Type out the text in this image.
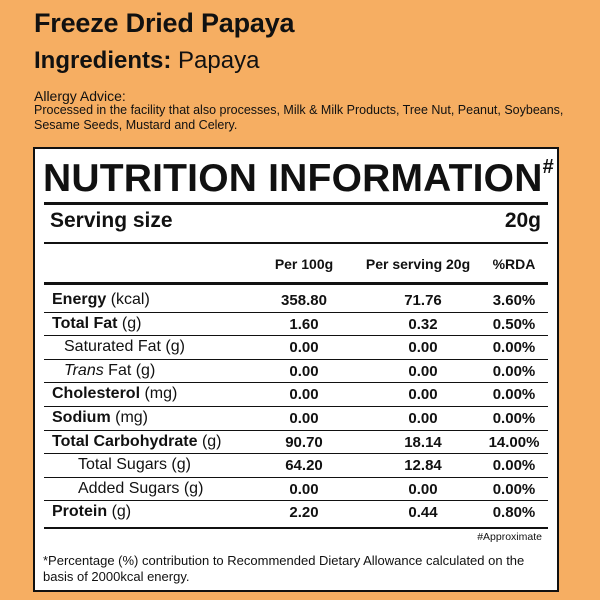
Freeze Dried Papaya
Ingredients: Papaya
Allergy Advice:
Processed in the facility that also processes, Milk & Milk Products, Tree Nut, Peanut, Soybeans, Sesame Seeds, Mustard and Celery.
NUTRITION INFORMATION#
Serving size	20g
Per 100g	Per serving 20g	%RDA
Energy (kcal)	358.80	71.76	3.60%
Total Fat (g)	1.60	0.32	0.50%
Saturated Fat (g)	0.00	0.00	0.00%
Trans Fat (g)	0.00	0.00	0.00%
Cholesterol (mg)	0.00	0.00	0.00%
Sodium (mg)	0.00	0.00	0.00%
Total Carbohydrate (g)	90.70	18.14	14.00%
Total Sugars (g)	64.20	12.84	0.00%
Added Sugars (g)	0.00	0.00	0.00%
Protein (g)	2.20	0.44	0.80%
#Approximate
*Percentage (%) contribution to Recommended Dietary Allowance calculated on the basis of 2000kcal energy.
